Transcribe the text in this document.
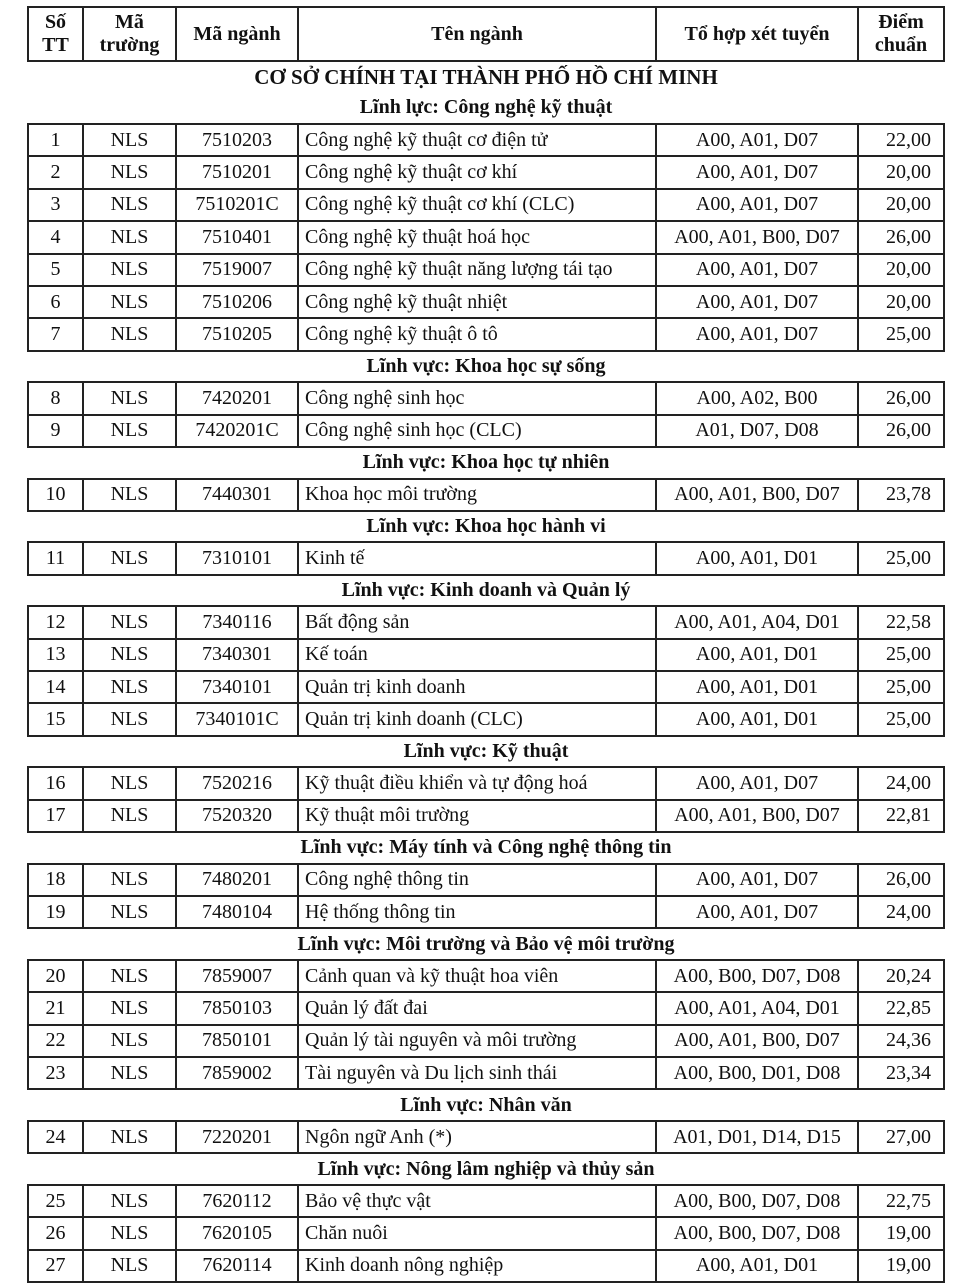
Số TT	Mã trường	Mã ngành	Tên ngành	Tổ hợp xét tuyển	Điểm chuẩn
CƠ SỞ CHÍNH TẠI THÀNH PHỐ HỒ CHÍ MINH					
Lĩnh lực: Công nghệ kỹ thuật					
1	NLS	7510203	Công nghệ kỹ thuật cơ điện tử	A00, A01, D07	22,00
2	NLS	7510201	Công nghệ kỹ thuật cơ khí	A00, A01, D07	20,00
3	NLS	7510201C	Công nghệ kỹ thuật cơ khí (CLC)	A00, A01, D07	20,00
4	NLS	7510401	Công nghệ kỹ thuật hoá học	A00, A01, B00, D07	26,00
5	NLS	7519007	Công nghệ kỹ thuật năng lượng tái tạo	A00, A01, D07	20,00
6	NLS	7510206	Công nghệ kỹ thuật nhiệt	A00, A01, D07	20,00
7	NLS	7510205	Công nghệ kỹ thuật ô tô	A00, A01, D07	25,00
Lĩnh vực: Khoa học sự sống					
8	NLS	7420201	Công nghệ sinh học	A00, A02, B00	26,00
9	NLS	7420201C	Công nghệ sinh học (CLC)	A01, D07, D08	26,00
Lĩnh vực: Khoa học tự nhiên					
10	NLS	7440301	Khoa học môi trường	A00, A01, B00, D07	23,78
Lĩnh vực: Khoa học hành vi					
11	NLS	7310101	Kinh tế	A00, A01, D01	25,00
Lĩnh vực: Kinh doanh và Quản lý					
12	NLS	7340116	Bất động sản	A00, A01, A04, D01	22,58
13	NLS	7340301	Kế toán	A00, A01, D01	25,00
14	NLS	7340101	Quản trị kinh doanh	A00, A01, D01	25,00
15	NLS	7340101C	Quản trị kinh doanh (CLC)	A00, A01, D01	25,00
Lĩnh vực: Kỹ thuật					
16	NLS	7520216	Kỹ thuật điều khiển và tự động hoá	A00, A01, D07	24,00
17	NLS	7520320	Kỹ thuật môi trường	A00, A01, B00, D07	22,81
Lĩnh vực: Máy tính và Công nghệ thông tin					
18	NLS	7480201	Công nghệ thông tin	A00, A01, D07	26,00
19	NLS	7480104	Hệ thống thông tin	A00, A01, D07	24,00
Lĩnh vực: Môi trường và Bảo vệ môi trường					
20	NLS	7859007	Cảnh quan và kỹ thuật hoa viên	A00, B00, D07, D08	20,24
21	NLS	7850103	Quản lý đất đai	A00, A01, A04, D01	22,85
22	NLS	7850101	Quản lý tài nguyên và môi trường	A00, A01, B00, D07	24,36
23	NLS	7859002	Tài nguyên và Du lịch sinh thái	A00, B00, D01, D08	23,34
Lĩnh vực: Nhân văn					
24	NLS	7220201	Ngôn ngữ Anh (*)	A01, D01, D14, D15	27,00
Lĩnh vực: Nông lâm nghiệp và thủy sản					
25	NLS	7620112	Bảo vệ thực vật	A00, B00, D07, D08	22,75
26	NLS	7620105	Chăn nuôi	A00, B00, D07, D08	19,00
27	NLS	7620114	Kinh doanh nông nghiệp	A00, A01, D01	19,00
